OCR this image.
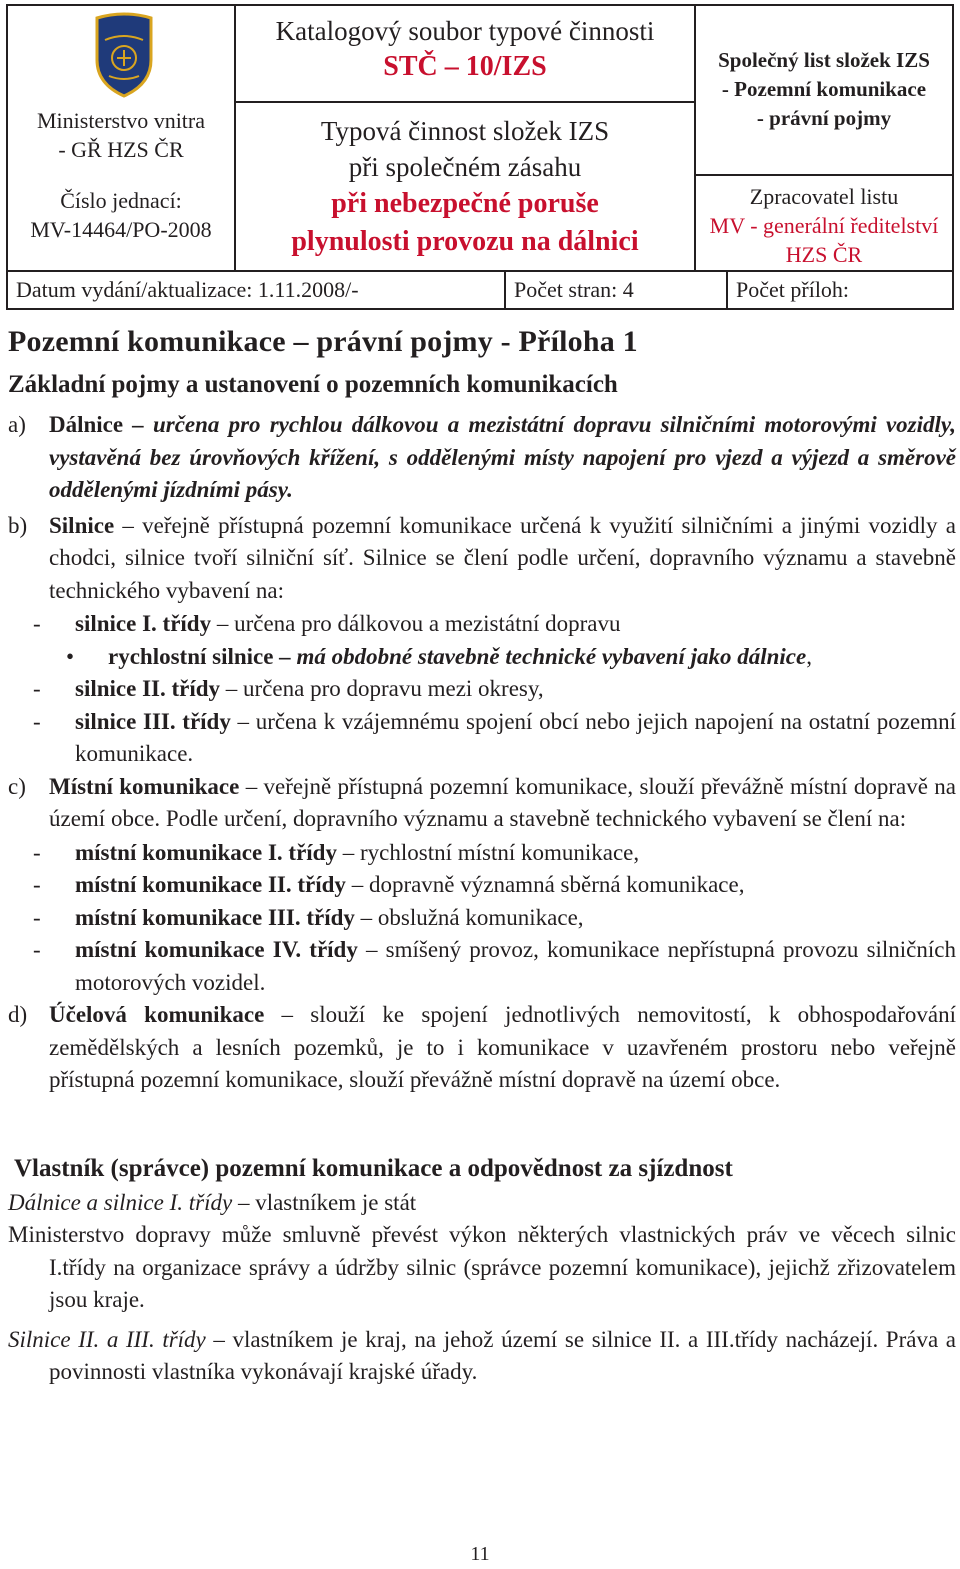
Ministerstvo vnitra
- GŘ HZS ČR
Číslo jednací:
MV-14464/PO-2008
Katalogový soubor typové činnosti
STČ – 10/IZS
Typová činnost složek IZS
při společném zásahu
při nebezpečné poruše
plynulosti provozu na dálnici
Společný list složek IZS
- Pozemní komunikace
- právní pojmy
Zpracovatel listu
MV - generální ředitelství
HZS ČR
Datum vydání/aktualizace: 1.11.2008/-	Počet stran: 4	Počet příloh:
Pozemní komunikace – právní pojmy - Příloha 1
Základní pojmy a ustanovení o pozemních komunikacích
a) Dálnice – určena pro rychlou dálkovou a mezistátní dopravu silničními motorovými vozidly, vystavěná bez úrovňových křížení, s oddělenými místy napojení pro vjezd a výjezd a směrově oddělenými jízdními pásy.
b) Silnice – veřejně přístupná pozemní komunikace určená k využití silničními a jinými vozidly a chodci, silnice tvoří silniční síť. Silnice se člení podle určení, dopravního významu a stavebně technického vybavení na:
- silnice I. třídy – určena pro dálkovou a mezistátní dopravu
• rychlostní silnice – má obdobné stavebně technické vybavení jako dálnice,
- silnice II. třídy – určena pro dopravu mezi okresy,
- silnice III. třídy – určena k vzájemnému spojení obcí nebo jejich napojení na ostatní pozemní komunikace.
c) Místní komunikace – veřejně přístupná pozemní komunikace, slouží převážně místní dopravě na území obce. Podle určení, dopravního významu a stavebně technického vybavení se člení na:
- místní komunikace I. třídy – rychlostní místní komunikace,
- místní komunikace II. třídy – dopravně významná sběrná komunikace,
- místní komunikace III. třídy – obslužná komunikace,
- místní komunikace IV. třídy – smíšený provoz, komunikace nepřístupná provozu silničních motorových vozidel.
d) Účelová komunikace – slouží ke spojení jednotlivých nemovitostí, k obhospodařování zemědělských a lesních pozemků, je to i komunikace v uzavřeném prostoru nebo veřejně přístupná pozemní komunikace, slouží převážně místní dopravě na území obce.
Vlastník (správce) pozemní komunikace a odpovědnost za sjízdnost
Dálnice a silnice I. třídy – vlastníkem je stát
Ministerstvo dopravy může smluvně převést výkon některých vlastnických práv ve věcech silnic I.třídy na organizace správy a údržby silnic (správce pozemní komunikace), jejichž zřizovatelem jsou kraje.
Silnice II. a III. třídy – vlastníkem je kraj, na jehož území se silnice II. a III.třídy nacházejí. Práva a povinnosti vlastníka vykonávají krajské úřady.
11
